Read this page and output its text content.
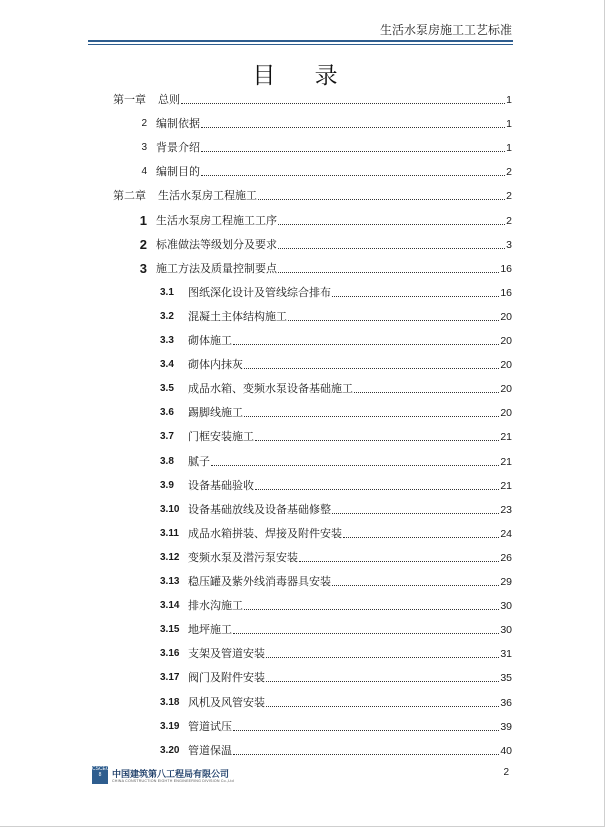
生活水泵房施工工艺标准
目 录
第一章 总则	1
2 编制依据	1
3 背景介绍	1
4 编制目的	2
第二章 生活水泵房工程施工	2
1 生活水泵房工程施工工序	2
2 标准做法等级划分及要求	3
3 施工方法及质量控制要点	16
3.1	图纸深化设计及管线综合排布	16
3.2	混凝土主体结构施工	20
3.3	砌体施工	20
3.4	砌体内抹灰	20
3.5	成品水箱、变频水泵设备基础施工	20
3.6	踢脚线施工	20
3.7	门框安装施工	21
3.8	腻子	21
3.9	设备基础验收	21
3.10 设备基础放线及设备基础修整	23
3.11 成品水箱拼装、焊接及附件安装	24
3.12 变频水泵及潜污泵安装	26
3.13 稳压罐及紫外线消毒器具安装	29
3.14 排水沟施工	30
3.15 地坪施工	30
3.16 支架及管道安装	31
3.17 阀门及附件安装	35
3.18 风机及风管安装	36
3.19 管道试压	39
3.20 管道保温	40
CSCEC
8	中国建筑第八工程局有限公司
CHINA CONSTRUCTION EIGHTH ENGINEERING DIVISION Co.,Ltd
2
